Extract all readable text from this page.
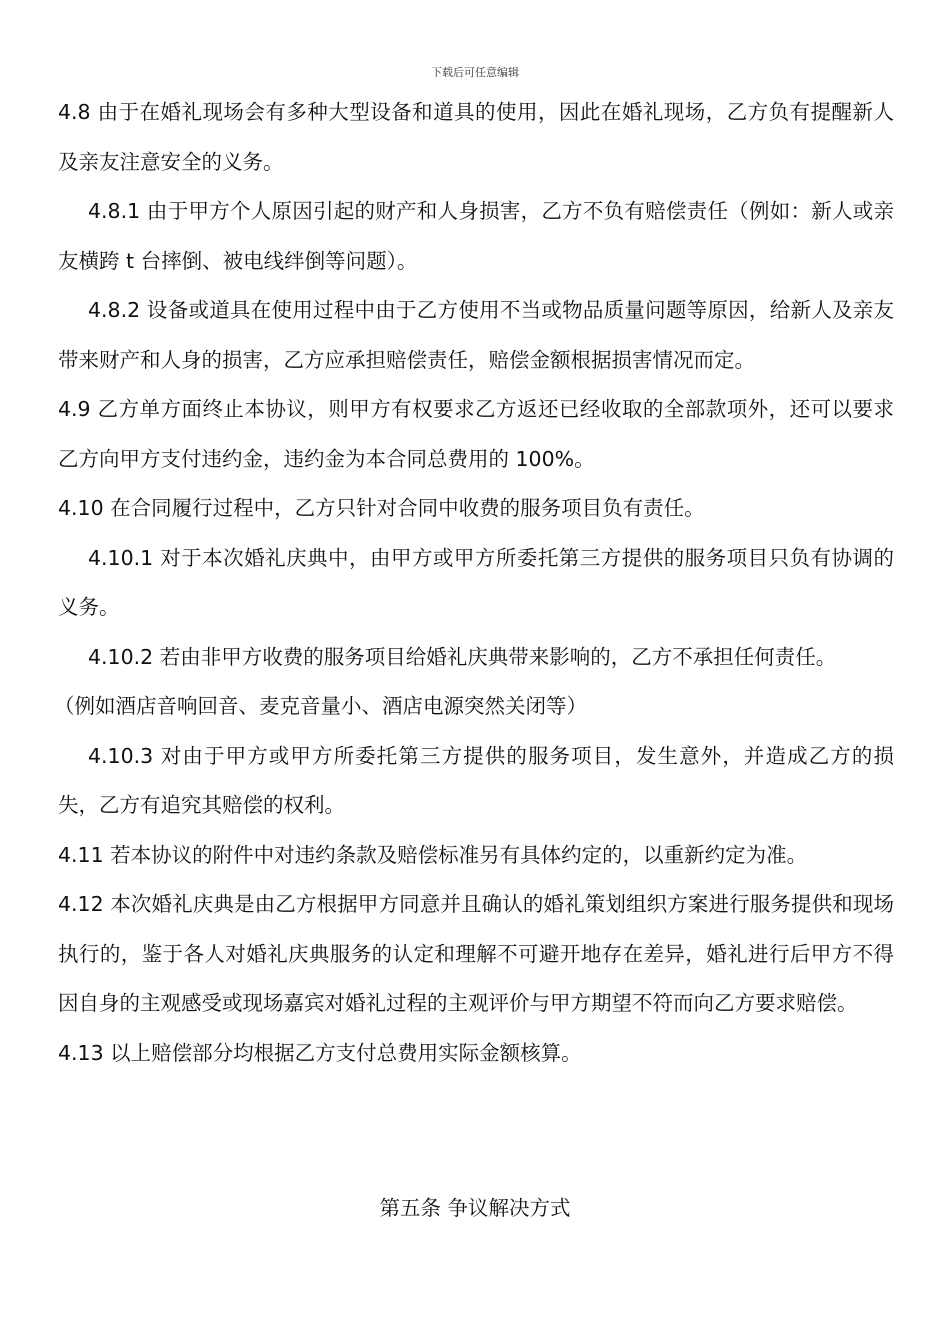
下载后可任意编辑

4.8 由于在婚礼现场会有多种大型设备和道具的使用，因此在婚礼现场，乙方负有提醒新人及亲友注意安全的义务。

4.8.1 由于甲方个人原因引起的财产和人身损害，乙方不负有赔偿责任（例如：新人或亲友横跨 t 台摔倒、被电线绊倒等问题）。

4.8.2 设备或道具在使用过程中由于乙方使用不当或物品质量问题等原因，给新人及亲友带来财产和人身的损害，乙方应承担赔偿责任，赔偿金额根据损害情况而定。

4.9 乙方单方面终止本协议，则甲方有权要求乙方返还已经收取的全部款项外，还可以要求乙方向甲方支付违约金，违约金为本合同总费用的 100%。

4.10 在合同履行过程中，乙方只针对合同中收费的服务项目负有责任。

4.10.1 对于本次婚礼庆典中，由甲方或甲方所委托第三方提供的服务项目只负有协调的义务。

4.10.2 若由非甲方收费的服务项目给婚礼庆典带来影响的，乙方不承担任何责任。

（例如酒店音响回音、麦克音量小、酒店电源突然关闭等）

4.10.3 对由于甲方或甲方所委托第三方提供的服务项目，发生意外，并造成乙方的损失，乙方有追究其赔偿的权利。

4.11 若本协议的附件中对违约条款及赔偿标准另有具体约定的，以重新约定为准。

4.12 本次婚礼庆典是由乙方根据甲方同意并且确认的婚礼策划组织方案进行服务提供和现场执行的，鉴于各人对婚礼庆典服务的认定和理解不可避开地存在差异，婚礼进行后甲方不得因自身的主观感受或现场嘉宾对婚礼过程的主观评价与甲方期望不符而向乙方要求赔偿。

4.13 以上赔偿部分均根据乙方支付总费用实际金额核算。

第五条 争议解决方式
